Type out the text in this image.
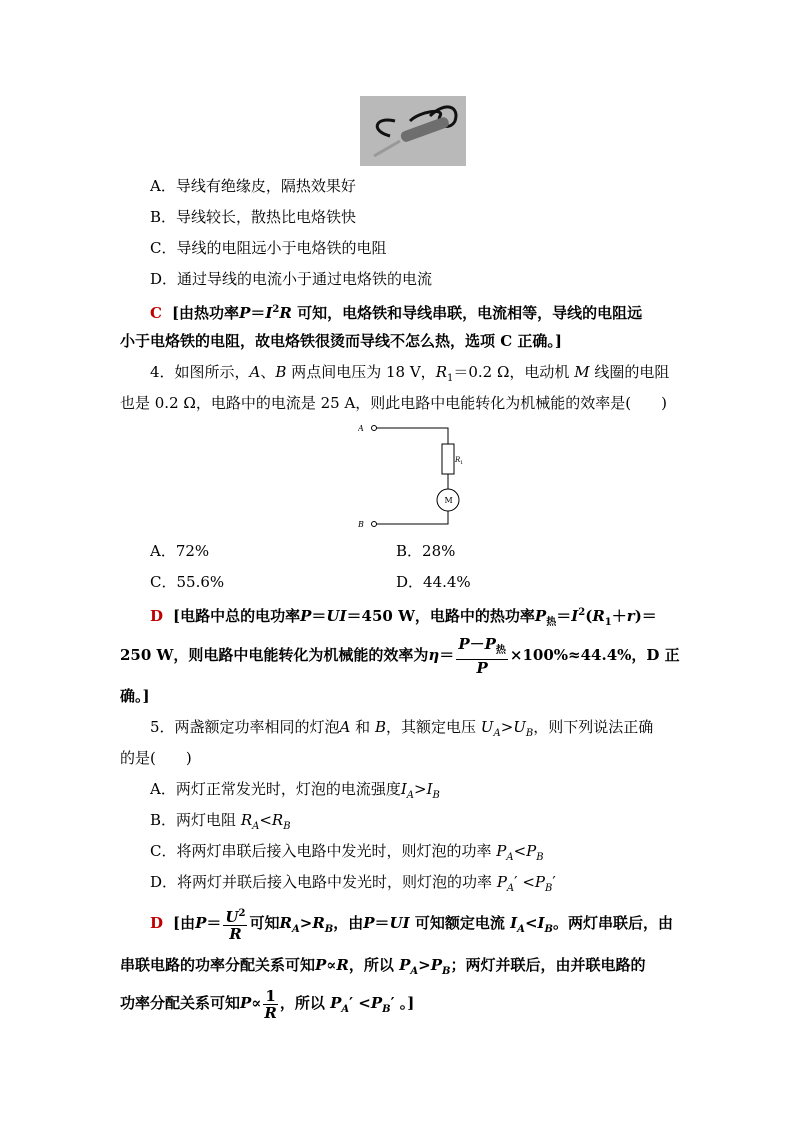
A．导线有绝缘皮，隔热效果好
B．导线较长，散热比电烙铁快
C．导线的电阻远小于电烙铁的电阻
D．通过导线的电流小于通过电烙铁的电流
C [由热功率$P=I^2R$ 可知，电烙铁和导线串联，电流相等，导线的电阻远
小于电烙铁的电阻，故电烙铁很烫而导线不怎么热，选项 C 正确。]
4．如图所示，A、B 两点间电压为 18 V，$R_1=0.2$ Ω，电动机 M 线圈的电阻
也是 0.2 Ω，电路中的电流是 25 A，则此电路中电能转化为机械能的效率是(　　)
A
B
R 1
M
A．72%	B．28%
C．55.6%	D．44.4%
D [电路中总的电功率P＝UI＝450 W，电路中的热功率$P_热=I^2(R_1+r)=$
250 W，则电路中电能转化为机械能的效率为$\eta= \frac{P-P_热}{P} \times 100\%\approx 44.4\%$，D 正
确。]
5．两盏额定功率相同的灯泡A 和 B，其额定电压 $U_A>U_B$，则下列说法正确
的是(　　)
A．两灯正常发光时，灯泡的电流强度$I_A>I_B$
B．两灯电阻 $R_A<R_B$
C．将两灯串联后接入电路中发光时，则灯泡的功率 $P_A<P_B$
D．将两灯并联后接入电路中发光时，则灯泡的功率 $P_A' <P_B'$
D [由$P= \frac{U^2}{R}$ 可知$R_A>R_B$，由P＝UI 可知额定电流 $I_A<I_B$。两灯串联后，由
串联电路的功率分配关系可知P∝R，所以 $P_A>P_B$；两灯并联后，由并联电路的
功率分配关系可知$P\propto \frac{1}{R}$ ，所以 $P_A' <P_B'$ 。]
